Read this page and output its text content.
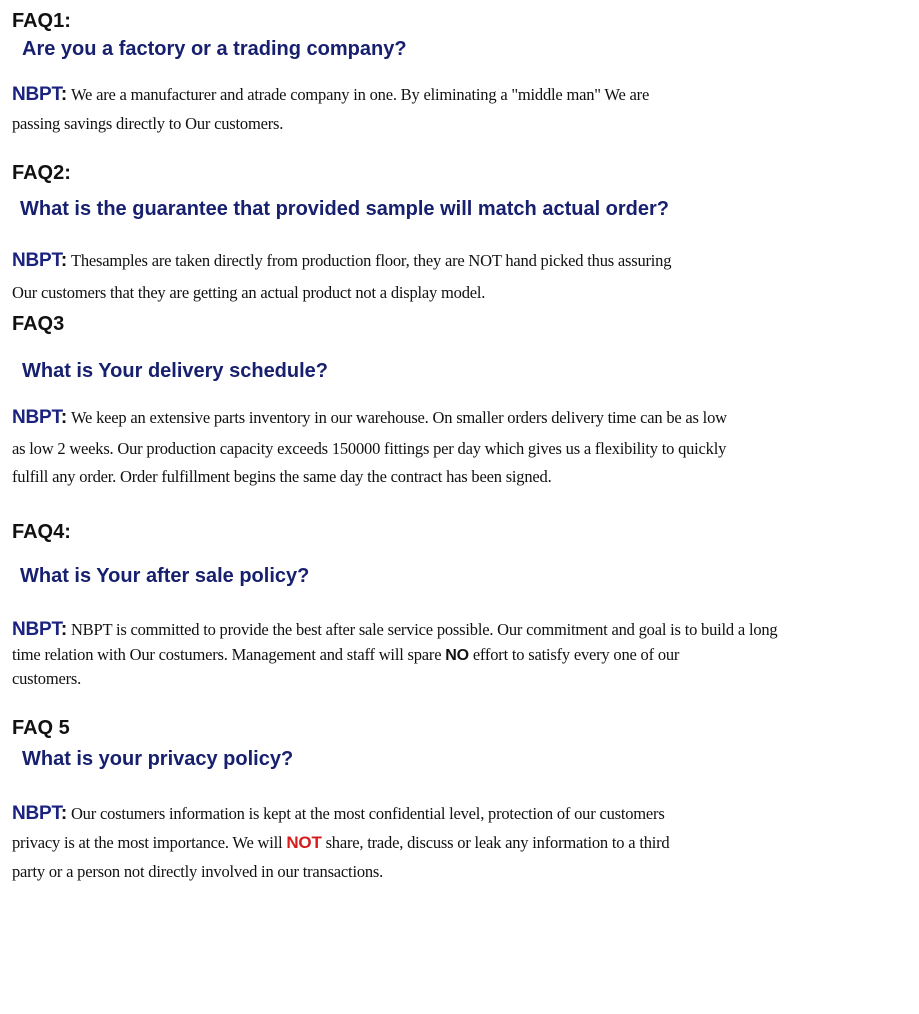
FAQ1:
Are you a factory or a trading company?
NBPT: We are a manufacturer and atrade company in one. By eliminating a "middle man" We are
passing savings directly to Our customers.
FAQ2:
What is the guarantee that provided sample will match actual order?
NBPT: Thesamples are taken directly from production floor, they are NOT hand picked thus assuring
Our customers that they are getting an actual product not a display model.
FAQ3
What is Your delivery schedule?
NBPT: We keep an extensive parts inventory in our warehouse. On smaller orders delivery time can be as low
as low 2 weeks. Our production capacity exceeds 150000 fittings per day which gives us a flexibility to quickly
fulfill any order. Order fulfillment begins the same day the contract has been signed.
FAQ4:
What is Your after sale policy?
NBPT: NBPT is committed to provide the best after sale service possible. Our commitment and goal is to build a long
time relation with Our costumers. Management and staff will spare NO effort to satisfy every one of our
customers.
FAQ 5
What is your privacy policy?
NBPT: Our costumers information is kept at the most confidential level, protection of our customers
privacy is at the most importance. We will NOT share, trade, discuss or leak any information to a third
party or a person not directly involved in our transactions.
